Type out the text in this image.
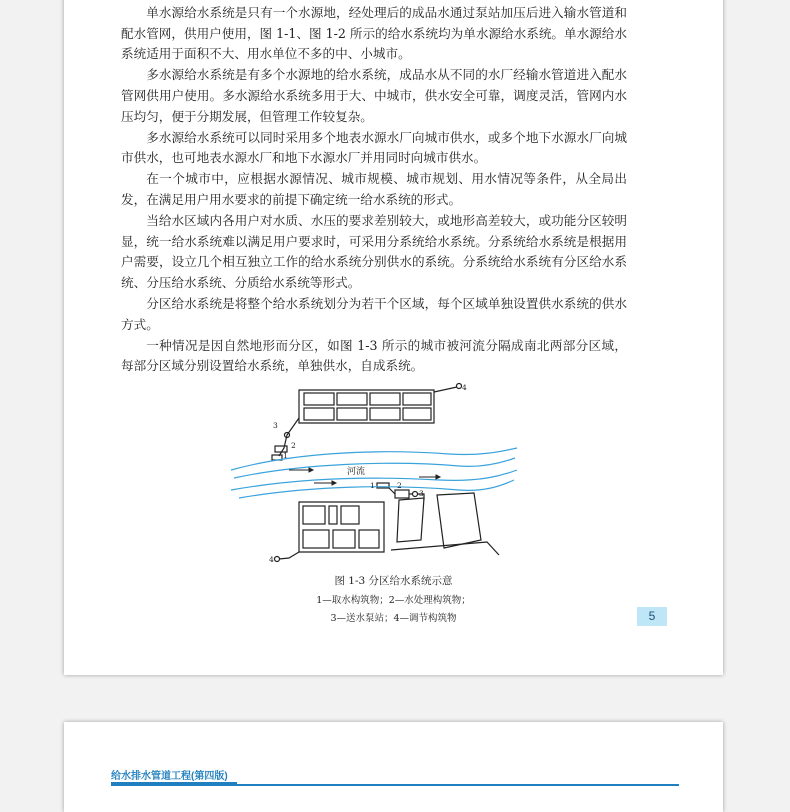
单水源给水系统是只有一个水源地，经处理后的成品水通过泵站加压后进入输水管道和配水管网，供用户使用，图 1-1、图 1-2 所示的给水系统均为单水源给水系统。单水源给水系统适用于面积不大、用水单位不多的中、小城市。

多水源给水系统是有多个水源地的给水系统，成品水从不同的水厂经输水管道进入配水管网供用户使用。多水源给水系统多用于大、中城市，供水安全可靠，调度灵活，管网内水压均匀，便于分期发展，但管理工作较复杂。

多水源给水系统可以同时采用多个地表水源水厂向城市供水，或多个地下水源水厂向城市供水，也可地表水源水厂和地下水源水厂并用同时向城市供水。

在一个城市中，应根据水源情况、城市规模、城市规划、用水情况等条件，从全局出发，在满足用户用水要求的前提下确定统一给水系统的形式。

当给水区域内各用户对水质、水压的要求差别较大，或地形高差较大，或功能分区较明显，统一给水系统难以满足用户要求时，可采用分系统给水系统。分系统给水系统是根据用户需要，设立几个相互独立工作的给水系统分别供水的系统。分系统给水系统有分区给水系统、分压给水系统、分质给水系统等形式。

分区给水系统是将整个给水系统划分为若干个区域，每个区域单独设置供水系统的供水方式。

一种情况是因自然地形而分区，如图 1-3 所示的城市被河流分隔成南北两部分区域，每部分区域分别设置给水系统，单独供水，自成系统。

河流
3
2
1
4
1	2
3
4
图 1-3 分区给水系统示意
1—取水构筑物；2—水处理构筑物；
3—送水泵站；4—调节构筑物	5
给水排水管道工程(第四版)
